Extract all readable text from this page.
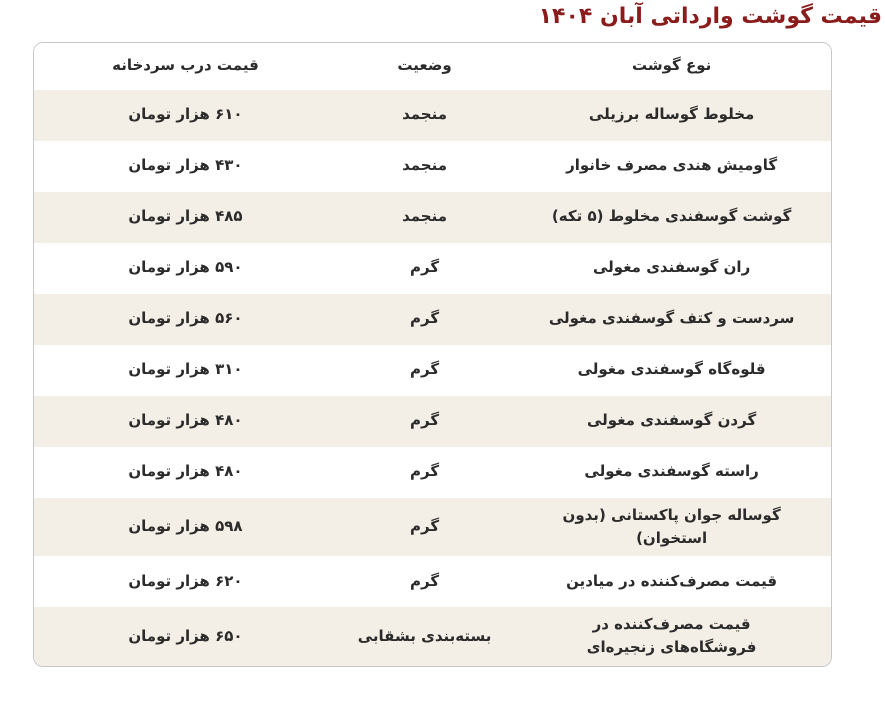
قیمت گوشت وارداتی آبان ۱۴۰۴
نوع گوشت
وضعیت
قیمت درب سردخانه
مخلوط گوساله برزیلی
منجمد
۶۱۰ هزار تومان
گاومیش هندی مصرف خانوار
منجمد
۴۳۰ هزار تومان
گوشت گوسفندی مخلوط (۵ تکه)
منجمد
۴۸۵ هزار تومان
ران گوسفندی مغولی
گرم
۵۹۰ هزار تومان
سردست و کتف گوسفندی مغولی
گرم
۵۶۰ هزار تومان
قلوه‌گاه گوسفندی مغولی
گرم
۳۱۰ هزار تومان
گردن گوسفندی مغولی
گرم
۴۸۰ هزار تومان
راسته گوسفندی مغولی
گرم
۴۸۰ هزار تومان
گوساله جوان پاکستانی (بدون استخوان)
گرم
۵۹۸ هزار تومان
قیمت مصرف‌کننده در میادین
گرم
۶۲۰ هزار تومان
قیمت مصرف‌کننده در فروشگاه‌های زنجیره‌ای
بسته‌بندی بشقابی
۶۵۰ هزار تومان
